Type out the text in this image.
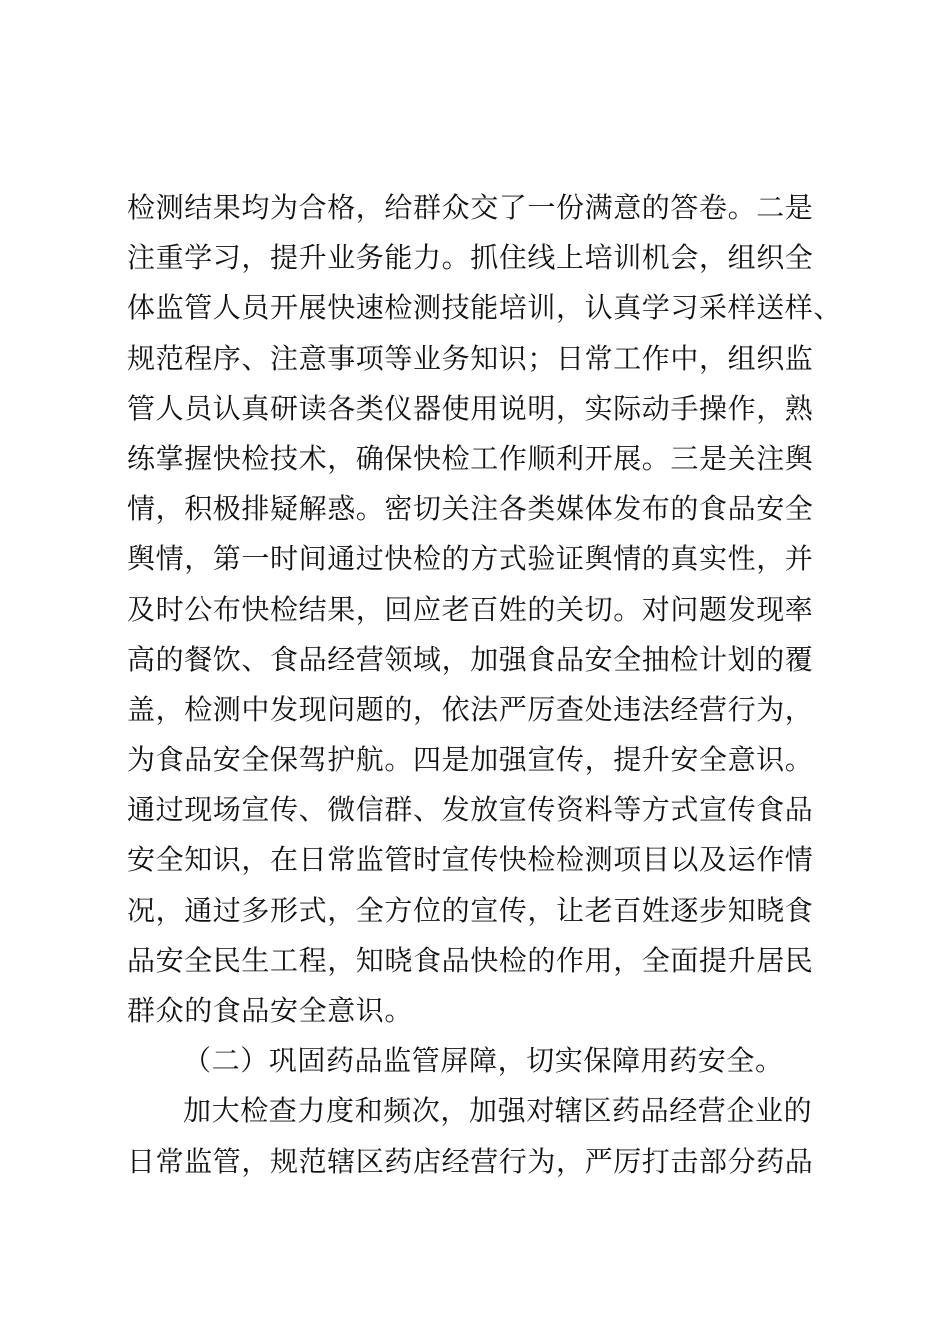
检测结果均为合格，给群众交了一份满意的答卷。二是
注重学习，提升业务能力。抓住线上培训机会，组织全
体监管人员开展快速检测技能培训，认真学习采样送样、
规范程序、注意事项等业务知识；日常工作中，组织监
管人员认真研读各类仪器使用说明，实际动手操作，熟
练掌握快检技术，确保快检工作顺利开展。三是关注舆
情，积极排疑解惑。密切关注各类媒体发布的食品安全
舆情，第一时间通过快检的方式验证舆情的真实性，并
及时公布快检结果，回应老百姓的关切。对问题发现率
高的餐饮、食品经营领域，加强食品安全抽检计划的覆
盖，检测中发现问题的，依法严厉查处违法经营行为，
为食品安全保驾护航。四是加强宣传，提升安全意识。
通过现场宣传、微信群、发放宣传资料等方式宣传食品
安全知识，在日常监管时宣传快检检测项目以及运作情
况，通过多形式，全方位的宣传，让老百姓逐步知晓食
品安全民生工程，知晓食品快检的作用，全面提升居民
群众的食品安全意识。
（二）巩固药品监管屏障，切实保障用药安全。
加大检查力度和频次，加强对辖区药品经营企业的
日常监管，规范辖区药店经营行为，严厉打击部分药品
